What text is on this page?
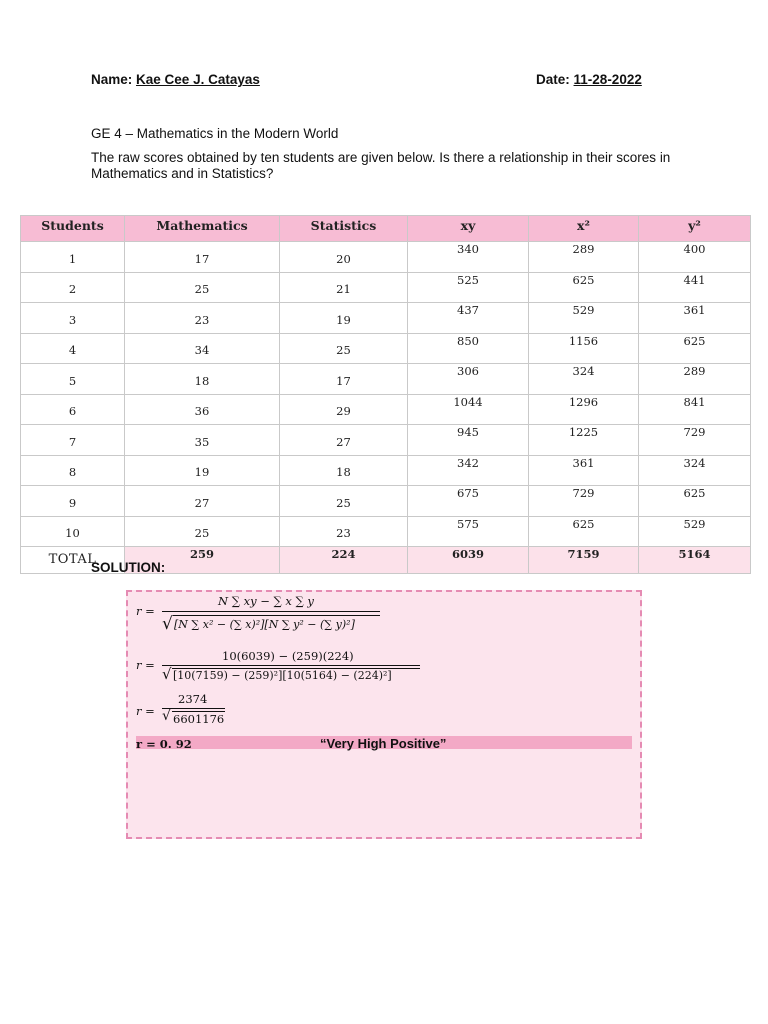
Name: Kae Cee J. Catayas	Date: 11-28-2022
GE 4 – Mathematics in the Modern World
The raw scores obtained by ten students are given below. Is there a relationship in their scores in Mathematics and in Statistics?
Students	Mathematics	Statistics	xy	x²	y²
1	17	20	340	289	400
2	25	21	525	625	441
3	23	19	437	529	361
4	34	25	850	1156	625
5	18	17	306	324	289
6	36	29	1044	1296	841
7	35	27	945	1225	729
8	19	18	342	361	324
9	27	25	675	729	625
10	25	23	575	625	529
TOTAL	259	224	6039	7159	5164
SOLUTION:
r =
N ∑ xy − ∑ x ∑ y
√ [N ∑ x² − (∑ x)²][N ∑ y² − (∑ y)²]
r =
10(6039) − (259)(224)
√ [10(7159) − (259)²][10(5164) − (224)²]
r =
2374
√ 6601176
r = 0. 92	“Very High Positive”
